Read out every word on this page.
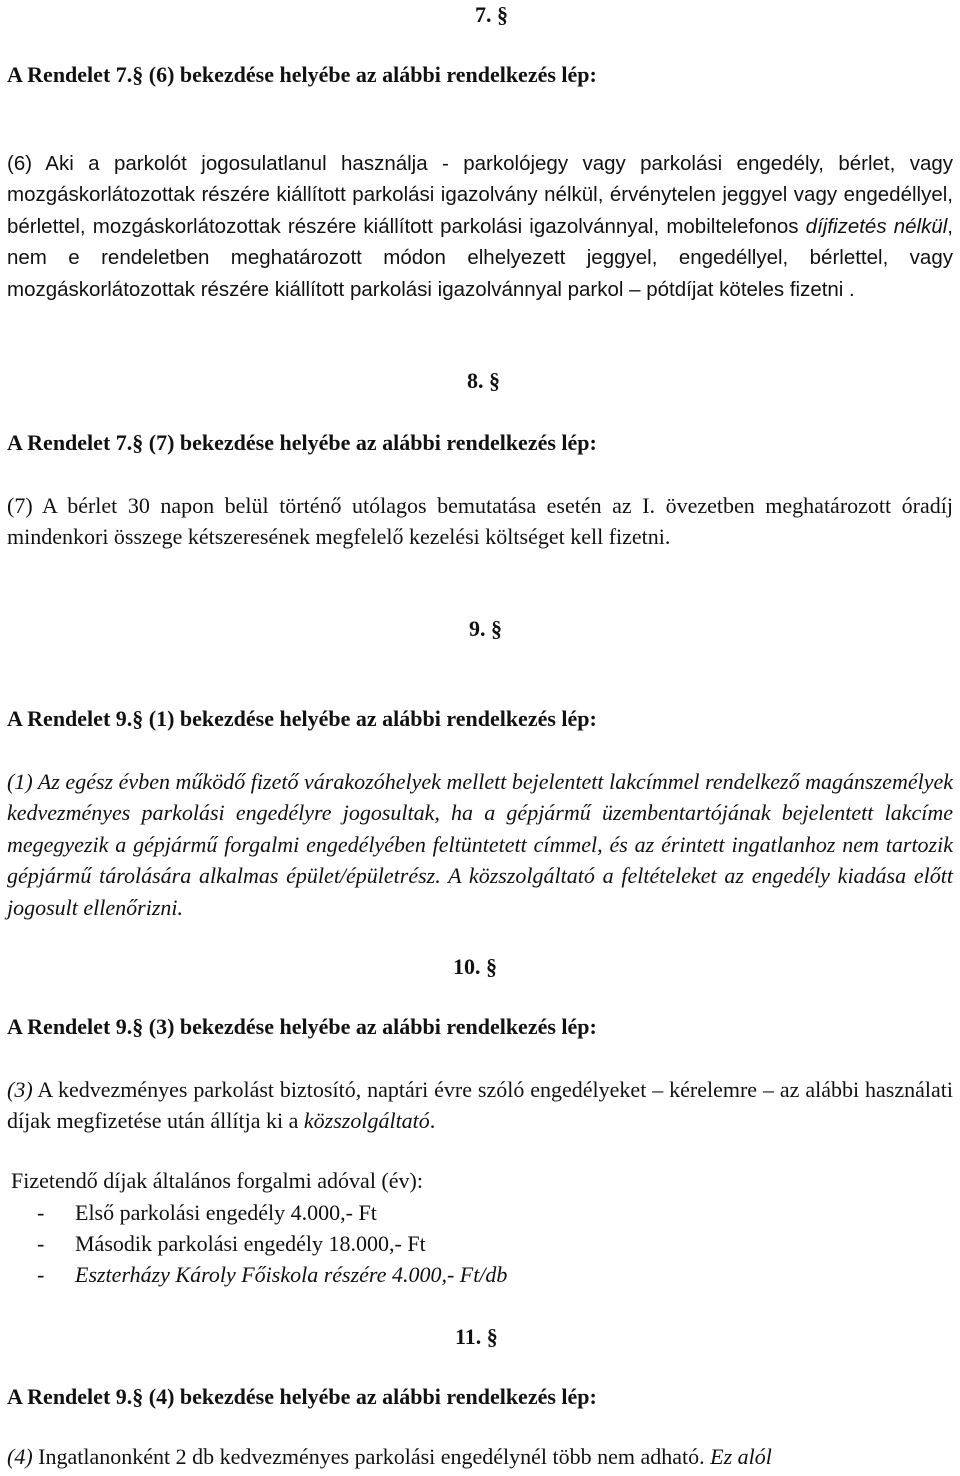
7. §
A Rendelet 7.§ (6) bekezdése helyébe az alábbi rendelkezés lép:
(6) Aki a parkolót jogosulatlanul használja - parkolójegy vagy parkolási engedély, bérlet, vagy mozgáskorlátozottak részére kiállított parkolási igazolvány nélkül, érvénytelen jeggyel vagy engedéllyel, bérlettel, mozgáskorlátozottak részére kiállított parkolási igazolvánnyal, mobiltelefonos díjfizetés nélkül, nem e rendeletben meghatározott módon elhelyezett jeggyel, engedéllyel, bérlettel, vagy mozgáskorlátozottak részére kiállított parkolási igazolvánnyal parkol – pótdíjat köteles fizetni .
8. §
A Rendelet 7.§ (7) bekezdése helyébe az alábbi rendelkezés lép:
(7) A bérlet 30 napon belül történő utólagos bemutatása esetén az I. övezetben meghatározott óradíj mindenkori összege kétszeresének megfelelő kezelési költséget kell fizetni.
9. §
A Rendelet 9.§ (1) bekezdése helyébe az alábbi rendelkezés lép:
(1) Az egész évben működő fizető várakozóhelyek mellett bejelentett lakcímmel rendelkező magánszemélyek kedvezményes parkolási engedélyre jogosultak, ha a gépjármű üzembentartójának bejelentett lakcíme megegyezik a gépjármű forgalmi engedélyében feltüntetett címmel, és az érintett ingatlanhoz nem tartozik gépjármű tárolására alkalmas épület/épületrész. A közszolgáltató a feltételeket az engedély kiadása előtt jogosult ellenőrizni.
10. §
A Rendelet 9.§ (3) bekezdése helyébe az alábbi rendelkezés lép:
(3) A kedvezményes parkolást biztosító, naptári évre szóló engedélyeket – kérelemre – az alábbi használati díjak megfizetése után állítja ki a közszolgáltató.
Fizetendő díjak általános forgalmi adóval (év):
- Első parkolási engedély 4.000,- Ft
- Második parkolási engedély 18.000,- Ft
- Eszterházy Károly Főiskola részére 4.000,- Ft/db
11. §
A Rendelet 9.§ (4) bekezdése helyébe az alábbi rendelkezés lép:
(4) Ingatlanonként 2 db kedvezményes parkolási engedélynél több nem adható. Ez alól
